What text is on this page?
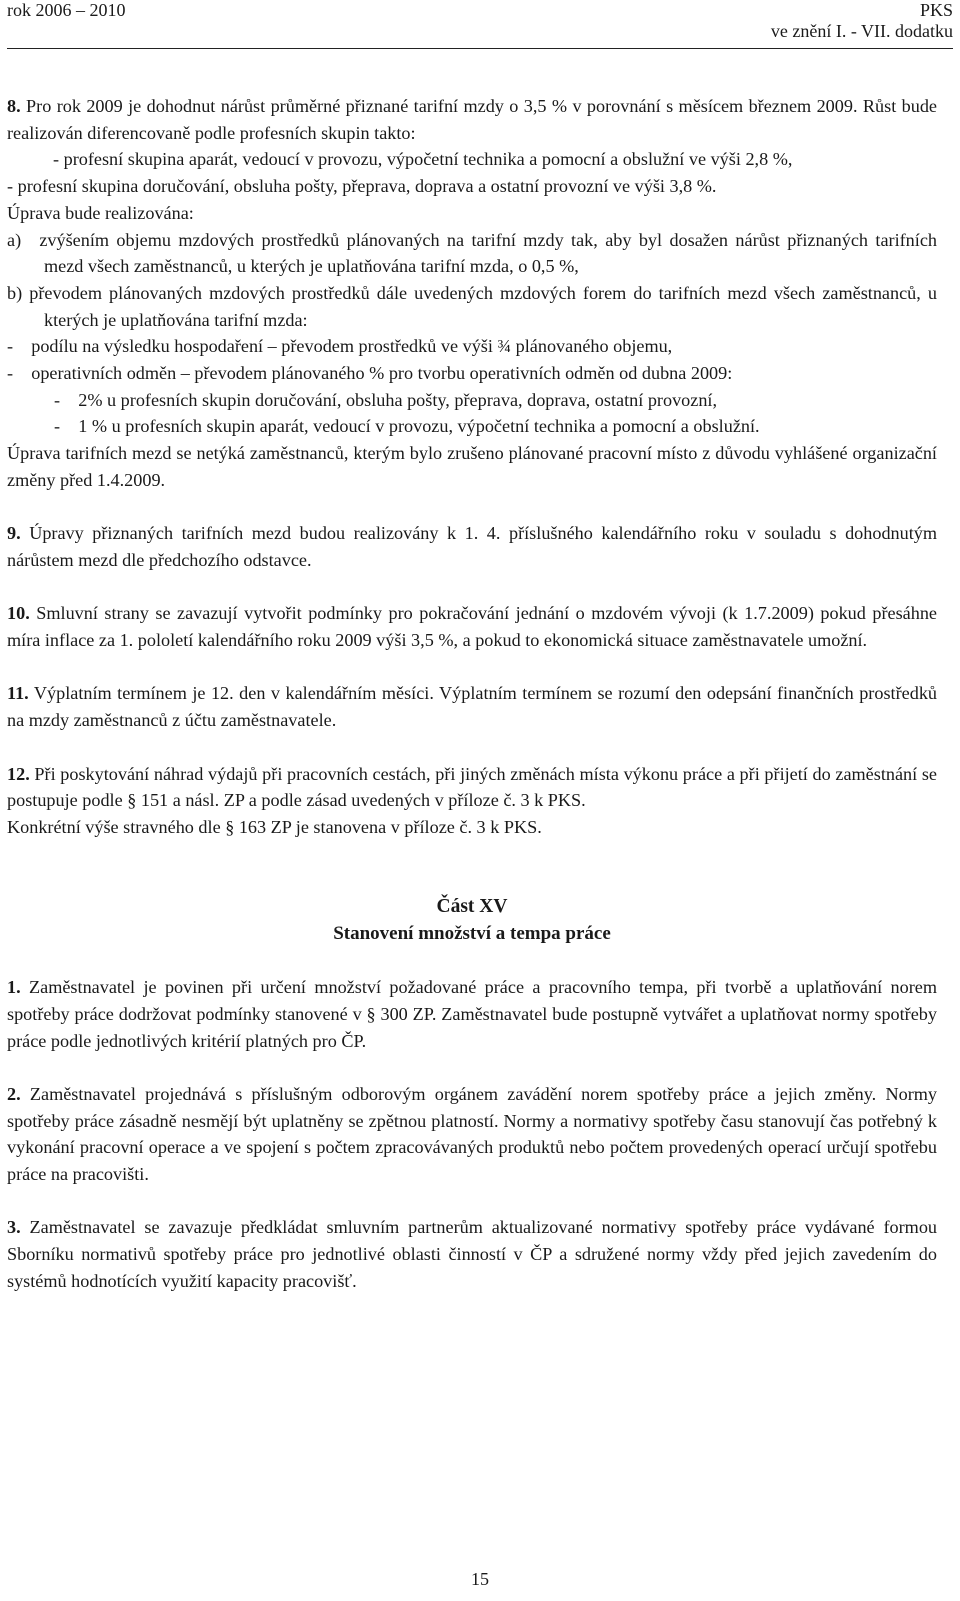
rok 2006 – 2010	PKS
ve znění I. - VII. dodatku

8. Pro rok 2009 je dohodnut nárůst průměrné přiznané tarifní mzdy o 3,5 % v porovnání s měsícem březnem 2009. Růst bude realizován diferencovaně podle profesních skupin takto:

- profesní skupina aparát, vedoucí v provozu, výpočetní technika a pomocní a obslužní ve výši 2,8 %,

- profesní skupina doručování, obsluha pošty, přeprava, doprava a ostatní provozní ve výši 3,8 %.

Úprava bude realizována:

a) zvýšením objemu mzdových prostředků plánovaných na tarifní mzdy tak, aby byl dosažen nárůst přiznaných tarifních mezd všech zaměstnanců, u kterých je uplatňována tarifní mzda, o 0,5 %,

b) převodem plánovaných mzdových prostředků dále uvedených mzdových forem do tarifních mezd všech zaměstnanců, u kterých je uplatňována tarifní mzda:

- podílu na výsledku hospodaření – převodem prostředků ve výši ¾ plánovaného objemu,

- operativních odměn – převodem plánovaného % pro tvorbu operativních odměn od dubna 2009:

- 2% u profesních skupin doručování, obsluha pošty, přeprava, doprava, ostatní provozní,

- 1 % u profesních skupin aparát, vedoucí v provozu, výpočetní technika a pomocní a obslužní.

Úprava tarifních mezd se netýká zaměstnanců, kterým bylo zrušeno plánované pracovní místo z důvodu vyhlášené organizační změny před 1.4.2009.

9. Úpravy přiznaných tarifních mezd budou realizovány k 1. 4. příslušného kalendářního roku v souladu s dohodnutým nárůstem mezd dle předchozího odstavce.

10. Smluvní strany se zavazují vytvořit podmínky pro pokračování jednání o mzdovém vývoji (k 1.7.2009) pokud přesáhne míra inflace za 1. pololetí kalendářního roku 2009 výši 3,5 %, a pokud to ekonomická situace zaměstnavatele umožní.

11. Výplatním termínem je 12. den v kalendářním měsíci. Výplatním termínem se rozumí den odepsání finančních prostředků na mzdy zaměstnanců z účtu zaměstnavatele.

12. Při poskytování náhrad výdajů při pracovních cestách, při jiných změnách místa výkonu práce a při přijetí do zaměstnání se postupuje podle § 151 a násl. ZP a podle zásad uvedených v příloze č. 3 k PKS.

Konkrétní výše stravného dle § 163 ZP je stanovena v příloze č. 3 k PKS.

Část XV

Stanovení množství a tempa práce

1. Zaměstnavatel je povinen při určení množství požadované práce a pracovního tempa, při tvorbě a uplatňování norem spotřeby práce dodržovat podmínky stanovené v § 300 ZP. Zaměstnavatel bude postupně vytvářet a uplatňovat normy spotřeby práce podle jednotlivých kritérií platných pro ČP.

2. Zaměstnavatel projednává s příslušným odborovým orgánem zavádění norem spotřeby práce a jejich změny. Normy spotřeby práce zásadně nesmějí být uplatněny se zpětnou platností. Normy a normativy spotřeby času stanovují čas potřebný k vykonání pracovní operace a ve spojení s počtem zpracovávaných produktů nebo počtem provedených operací určují spotřebu práce na pracovišti.

3. Zaměstnavatel se zavazuje předkládat smluvním partnerům aktualizované normativy spotřeby práce vydávané formou Sborníku normativů spotřeby práce pro jednotlivé oblasti činností v ČP a sdružené normy vždy před jejich zavedením do systémů hodnotících využití kapacity pracovišť.

15
